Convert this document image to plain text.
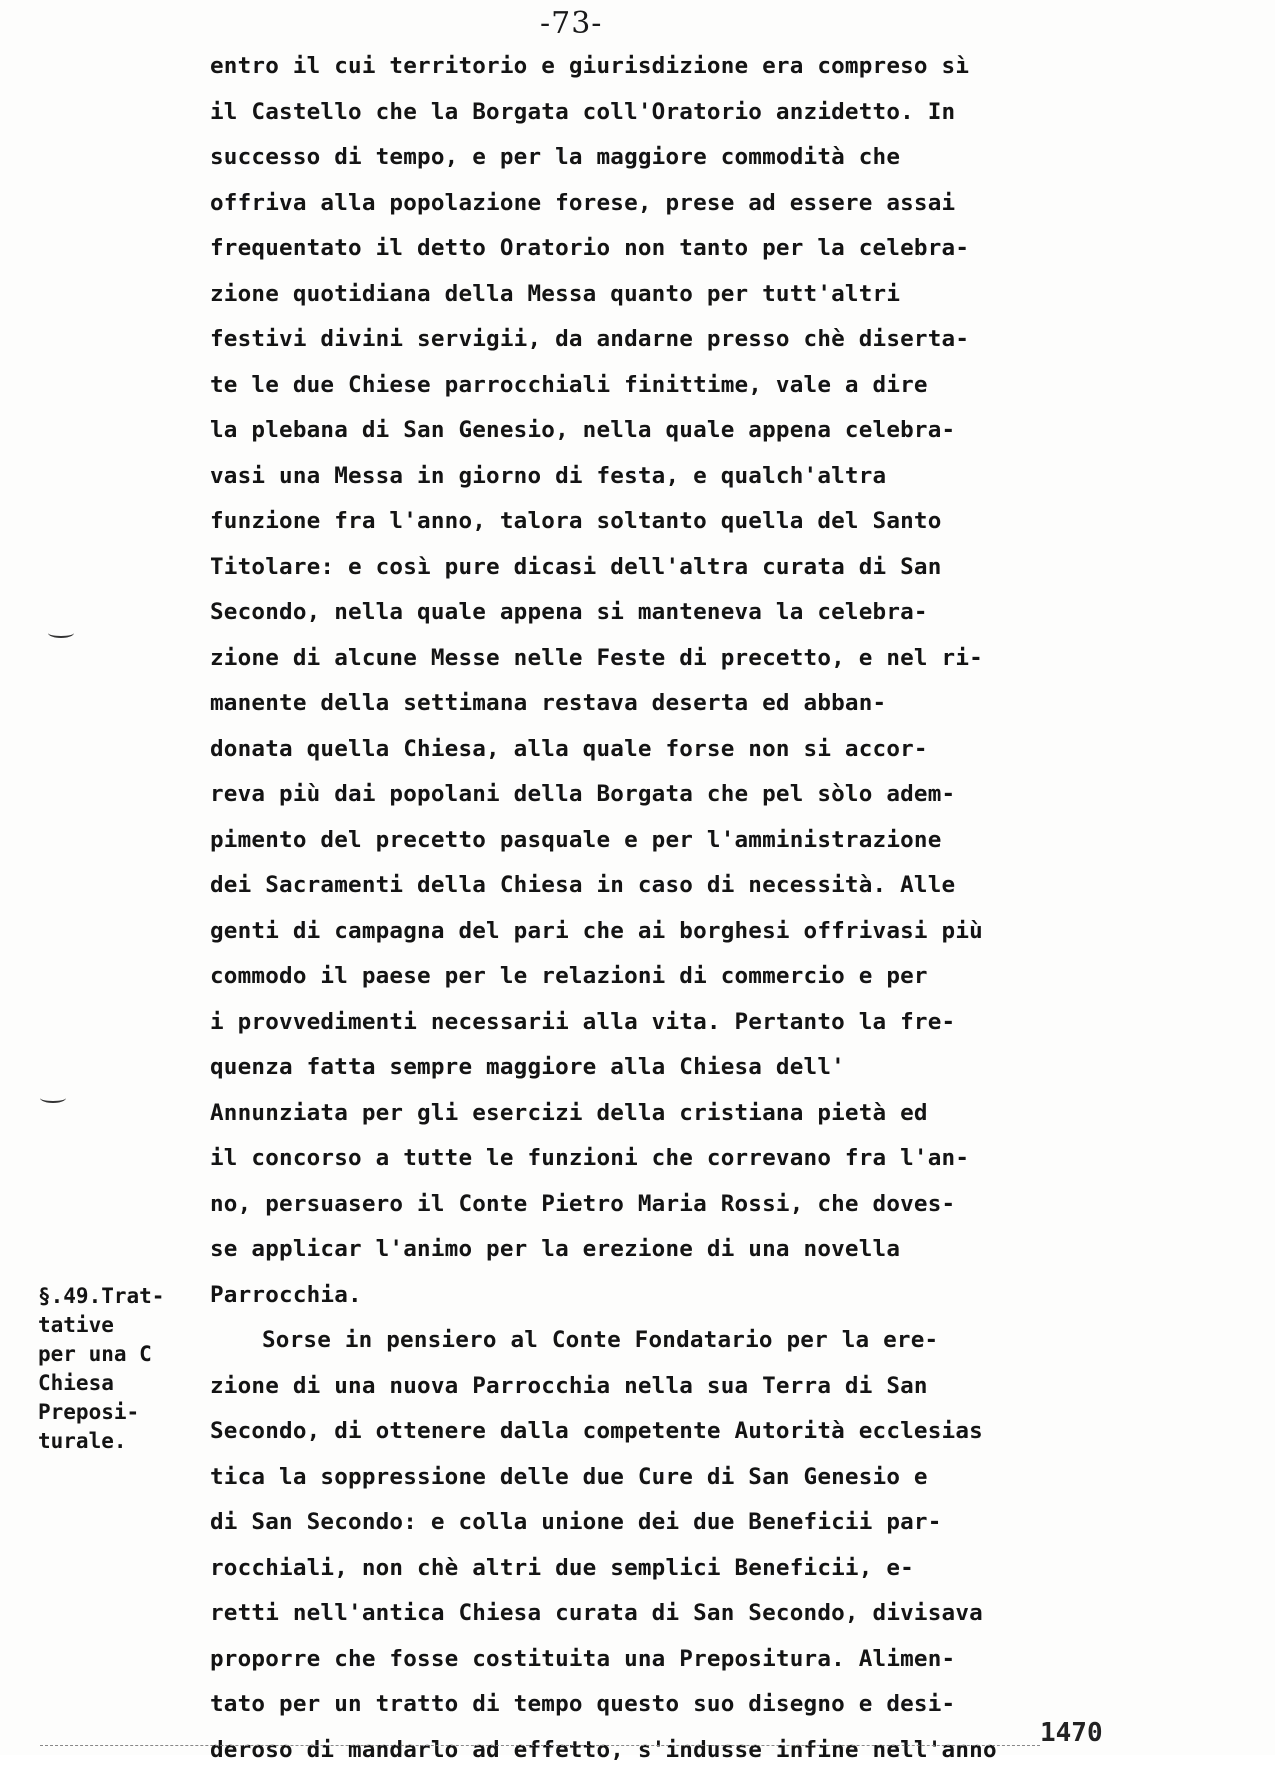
-73-
entro il cui territorio e giurisdizione era compreso sì
il Castello che la Borgata coll'Oratorio anzidetto. In
successo di tempo, e per la maggiore commodità che
offriva alla popolazione forese, prese ad essere assai
frequentato il detto Oratorio non tanto per la celebra-
zione quotidiana della Messa quanto per tutt'altri
festivi divini servigii, da andarne presso chè diserta-
te le due Chiese parrocchiali finittime, vale a dire
la plebana di San Genesio, nella quale appena celebra-
vasi una Messa in giorno di festa, e qualch'altra
funzione fra l'anno, talora soltanto quella del Santo
Titolare: e così pure dicasi dell'altra curata di San
Secondo, nella quale appena si manteneva la celebra-
zione di alcune Messe nelle Feste di precetto, e nel ri-
manente della settimana restava deserta ed abban-
donata quella Chiesa, alla quale forse non si accor-
reva più dai popolani della Borgata che pel sòlo adem-
pimento del precetto pasquale e per l'amministrazione
dei Sacramenti della Chiesa in caso di necessità. Alle
genti di campagna del pari che ai borghesi offrivasi più
commodo il paese per le relazioni di commercio e per
i provvedimenti necessarii alla vita. Pertanto la fre-
quenza fatta sempre maggiore alla Chiesa dell'
Annunziata per gli esercizi della cristiana pietà ed
il concorso a tutte le funzioni che correvano fra l'an-
no, persuasero il Conte Pietro Maria Rossi, che doves-
se applicar l'animo per la erezione di una novella
Parrocchia.
Sorse in pensiero al Conte Fondatario per la ere-
zione di una nuova Parrocchia nella sua Terra di San
Secondo, di ottenere dalla competente Autorità ecclesias
tica la soppressione delle due Cure di San Genesio e
di San Secondo: e colla unione dei due Beneficii par-
rocchiali, non chè altri due semplici Beneficii, e-
retti nell'antica Chiesa curata di San Secondo, divisava
proporre che fosse costituita una Prepositura. Alimen-
tato per un tratto di tempo questo suo disegno e desi-
deroso di mandarlo ad effetto, s'indusse infine nell'anno
§.49.Trat-
tative
per una C
Chiesa
Preposi-
turale.
1470
